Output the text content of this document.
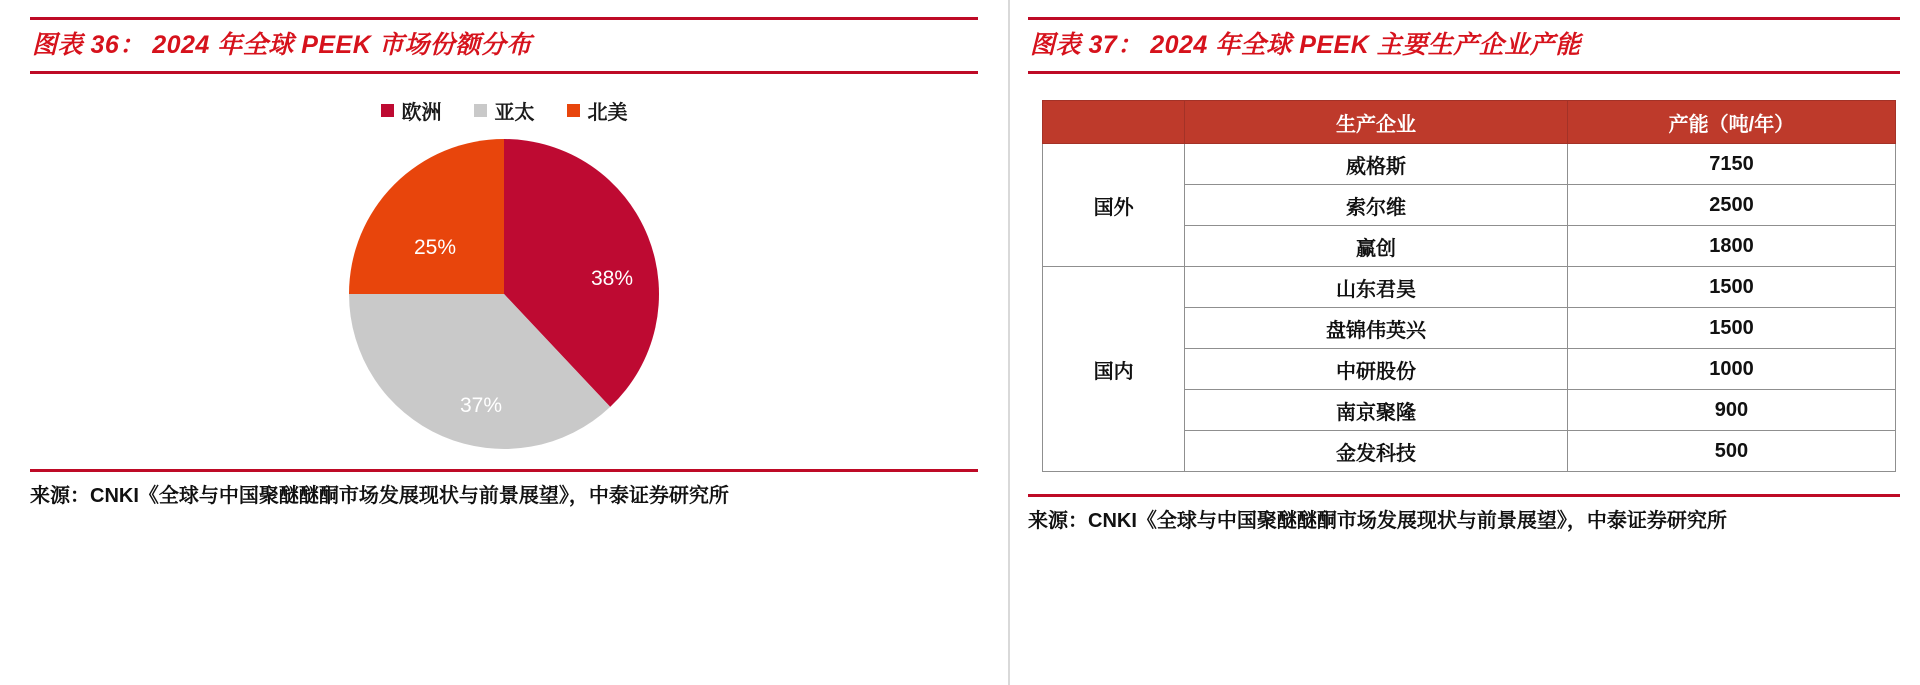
图表 36： 2024 年全球 PEEK 市场份额分布
欧洲	亚太	北美
38%
37%
25%
来源：CNKI《全球与中国聚醚醚酮市场发展现状与前景展望》，中泰证券研究所
图表 37： 2024 年全球 PEEK 主要生产企业产能
	生产企业	产能（吨/年）
国外	威格斯	7150
	索尔维	2500
	赢创	1800
国内	山东君昊	1500
	盘锦伟英兴	1500
	中研股份	1000
	南京聚隆	900
	金发科技	500
来源：CNKI《全球与中国聚醚醚酮市场发展现状与前景展望》，中泰证券研究所
